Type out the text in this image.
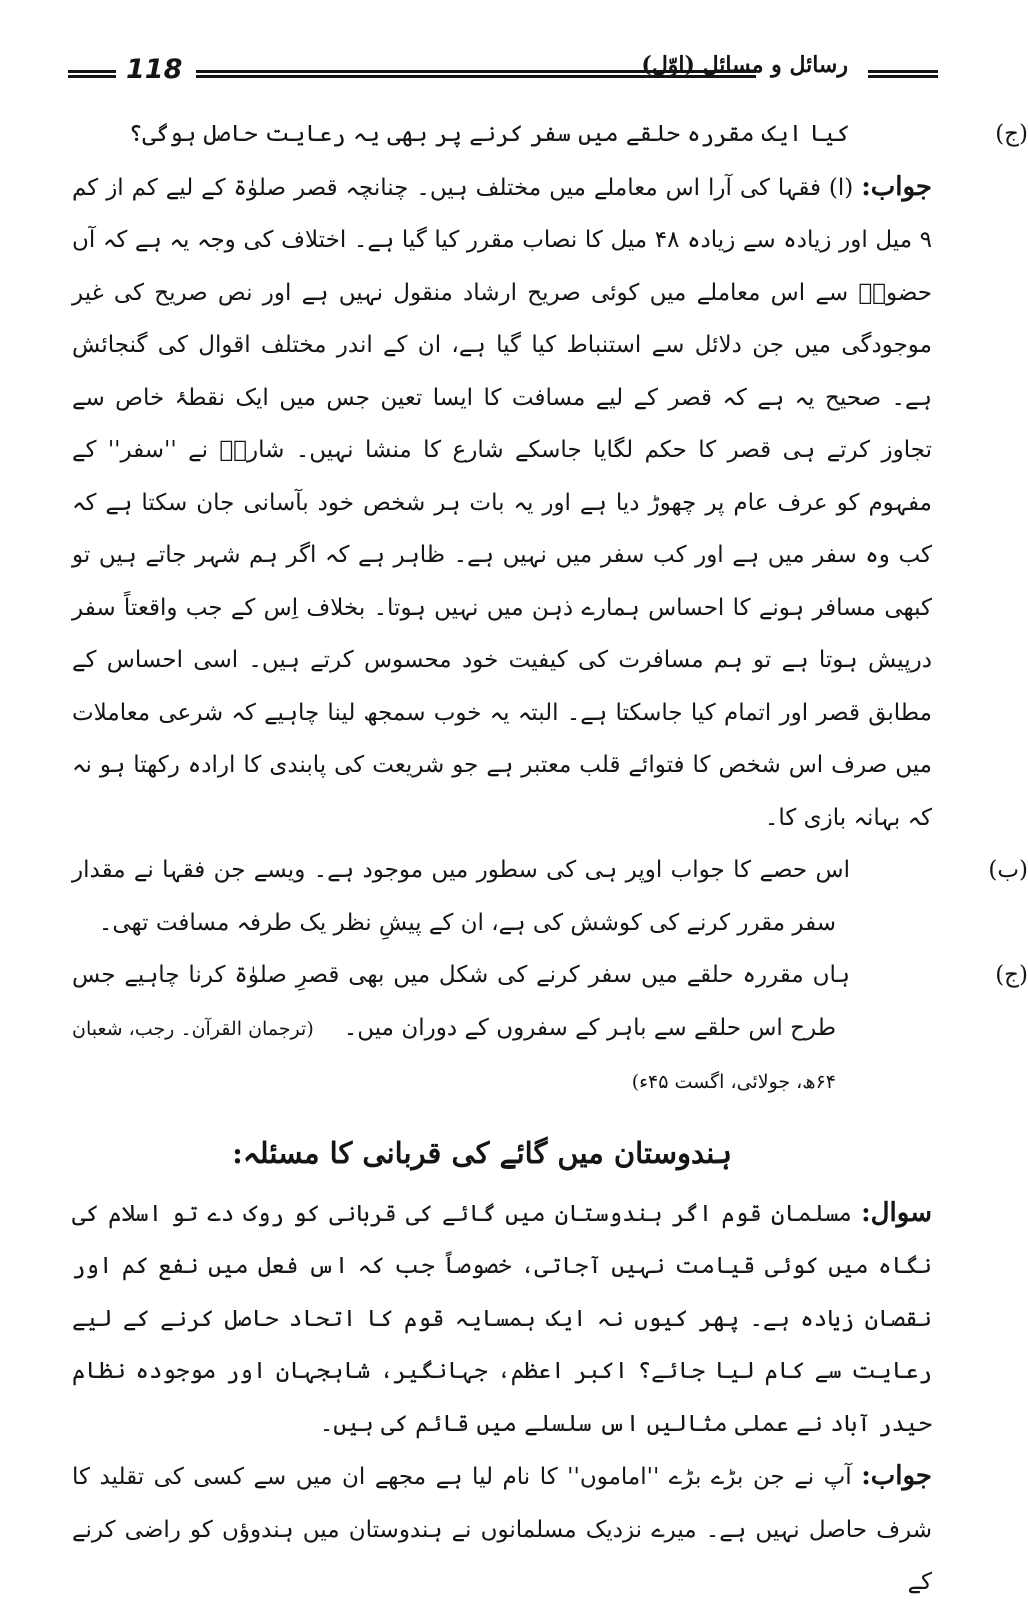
118	رسائل و مسائل (اوّل)

(ج)کیا ایک مقررہ حلقے میں سفر کرنے پر بھی یہ رعایت حاصل ہوگی؟

جواب: (ا) فقہا کی آرا اس معاملے میں مختلف ہیں۔ چنانچہ قصر صلوٰۃ کے لیے کم از کم ۹ میل اور زیادہ سے زیادہ ۴۸ میل کا نصاب مقرر کیا گیا ہے۔ اختلاف کی وجہ یہ ہے کہ آں حضورؐ سے اس معاملے میں کوئی صریح ارشاد منقول نہیں ہے اور نص صریح کی غیر موجودگی میں جن دلائل سے استنباط کیا گیا ہے، ان کے اندر مختلف اقوال کی گنجائش ہے۔ صحیح یہ ہے کہ قصر کے لیے مسافت کا ایسا تعین جس میں ایک نقطۂ خاص سے تجاوز کرتے ہی قصر کا حکم لگایا جاسکے شارع کا منشا نہیں۔ شارعؑ نے ''سفر'' کے مفہوم کو عرف عام پر چھوڑ دیا ہے اور یہ بات ہر شخص خود بآسانی جان سکتا ہے کہ کب وہ سفر میں ہے اور کب سفر میں نہیں ہے۔ ظاہر ہے کہ اگر ہم شہر جاتے ہیں تو کبھی مسافر ہونے کا احساس ہمارے ذہن میں نہیں ہوتا۔ بخلاف اِس کے جب واقعتاً سفر درپیش ہوتا ہے تو ہم مسافرت کی کیفیت خود محسوس کرتے ہیں۔ اسی احساس کے مطابق قصر اور اتمام کیا جاسکتا ہے۔ البتہ یہ خوب سمجھ لینا چاہیے کہ شرعی معاملات میں صرف اس شخص کا فتوائے قلب معتبر ہے جو شریعت کی پابندی کا ارادہ رکھتا ہو نہ کہ بہانہ بازی کا۔

(ب)اس حصے کا جواب اوپر ہی کی سطور میں موجود ہے۔ ویسے جن فقہا نے مقدار سفر مقرر کرنے کی کوشش کی ہے، ان کے پیشِ نظر یک طرفہ مسافت تھی۔

(ج)ہاں مقررہ حلقے میں سفر کرنے کی شکل میں بھی قصرِ صلوٰۃ کرنا چاہیے جس طرح اس حلقے سے باہر کے سفروں کے دوران میں۔(ترجمان القرآن۔ رجب، شعبان ۶۴ھ، جولائی، اگست ۴۵ء)

ہندوستان میں گائے کی قربانی کا مسئلہ:

سوال: مسلمان قوم اگر ہندوستان میں گائے کی قربانی کو روک دے تو اسلام کی نگاہ میں کوئی قیامت نہیں آجاتی، خصوصاً جب کہ اس فعل میں نفع کم اور نقصان زیادہ ہے۔ پھر کیوں نہ ایک ہمسایہ قوم کا اتحاد حاصل کرنے کے لیے رعایت سے کام لیا جائے؟ اکبر اعظم، جہانگیر، شاہجہان اور موجودہ نظام حیدر آباد نے عملی مثالیں اس سلسلے میں قائم کی ہیں۔

جواب: آپ نے جن بڑے بڑے ''اماموں'' کا نام لیا ہے مجھے ان میں سے کسی کی تقلید کا شرف حاصل نہیں ہے۔ میرے نزدیک مسلمانوں نے ہندوستان میں ہندوؤں کو راضی کرنے کے
